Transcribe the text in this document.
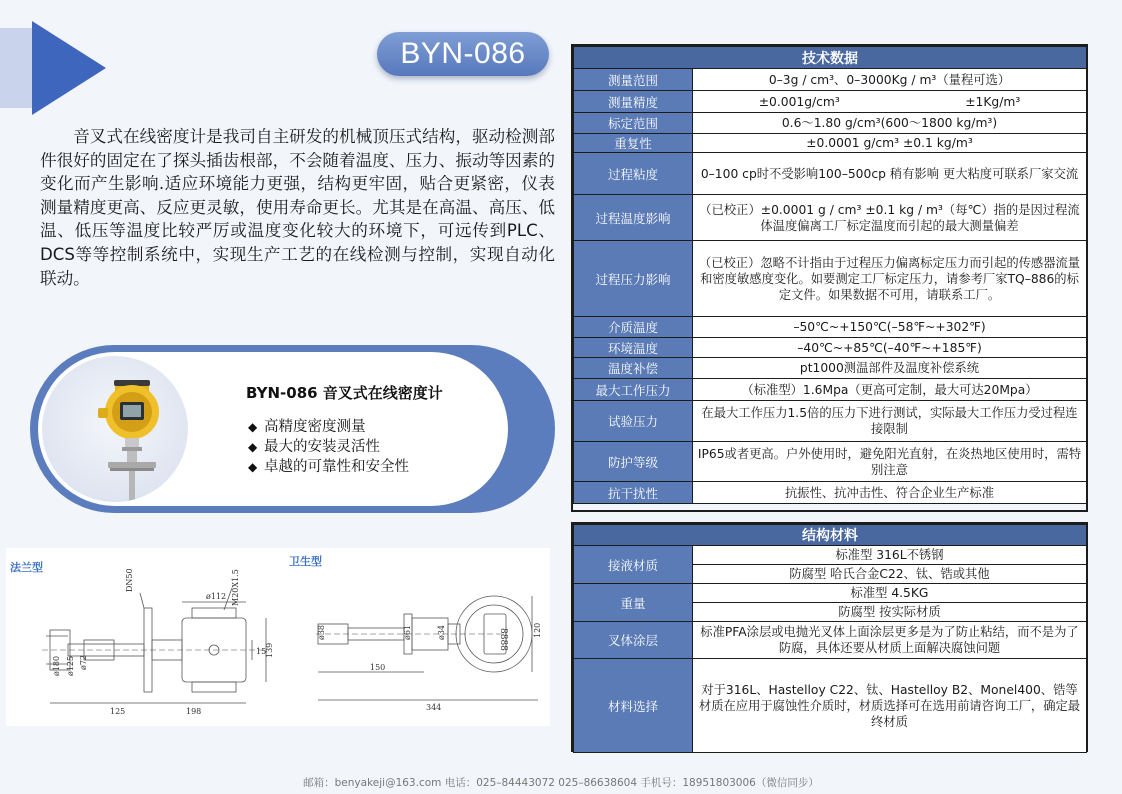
BYN-086

音叉式在线密度计是我司自主研发的机械顶压式结构，驱动检测部件很好的固定在了探头插齿根部，不会随着温度、压力、振动等因素的变化而产生影响.适应环境能力更强，结构更牢固，贴合更紧密，仪表测量精度更高、反应更灵敏，使用寿命更长。尤其是在高温、高压、低温、低压等温度比较严厉或温度变化较大的环境下，可远传到PLC、DCS等等控制系统中，实现生产工艺的在线检测与控制，实现自动化联动。

BYN-086 音叉式在线密度计
◆ 高精度密度测量
◆ 最大的安装灵活性
◆ 卓越的可靠性和安全性
法兰型	卫生型
DN50	M20X1.5
ø112
ø180 ø125 ø72
15
139
125	198
ø38	ø61	ø34
150
344
120
8888
技术数据	
测量范围	0–3g / cm³、0–3000Kg / m³（量程可选）
测量精度	±0.001g/cm³ ±1Kg/m³

标定范围	0.6～1.80 g/cm³(600～1800 kg/m³)
重复性	±0.0001 g/cm³ ±0.1 kg/m³
过程粘度	0–100 cp时不受影响100–500cp 稍有影响 更大粘度可联系厂家交流
过程温度影响	（已校正）±0.0001 g / cm³ ±0.1 kg / m³（每℃）指的是因过程流体温度偏离工厂标定温度而引起的最大测量偏差
过程压力影响	（已校正）忽略不计指由于过程压力偏离标定压力而引起的传感器流量和密度敏感度变化。如要测定工厂标定压力，请参考厂家TQ–886的标定文件。如果数据不可用，请联系工厂。
介质温度	–50℃~+150℃(–58℉~+302℉)
环境温度	–40℃~+85℃(–40℉~+185℉)
温度补偿	pt1000测温部件及温度补偿系统
最大工作压力	（标准型）1.6Mpa（更高可定制，最大可达20Mpa）
试验压力	在最大工作压力1.5倍的压力下进行测试，实际最大工作压力受过程连接限制
防护等级	IP65或者更高。户外使用时，避免阳光直射，在炎热地区使用时，需特别注意
抗干扰性	抗振性、抗冲击性、符合企业生产标准
结构材料	
接液材质	标准型 316L不锈钢
	防腐型 哈氏合金C22、钛、锆或其他
重量	标准型 4.5KG
	防腐型 按实际材质
叉体涂层	标准PFA涂层或电抛光叉体上面涂层更多是为了防止粘结，而不是为了防腐，具体还要从材质上面解决腐蚀问题
材料选择	对于316L、Hastelloy C22、钛、Hastelloy B2、Monel400、锆等材质在应用于腐蚀性介质时，材质选择可在选用前请咨询工厂，确定最终材质
邮箱：benyakeji@163.com 电话：025–84443072 025–86638604 手机号：18951803006（微信同步）
